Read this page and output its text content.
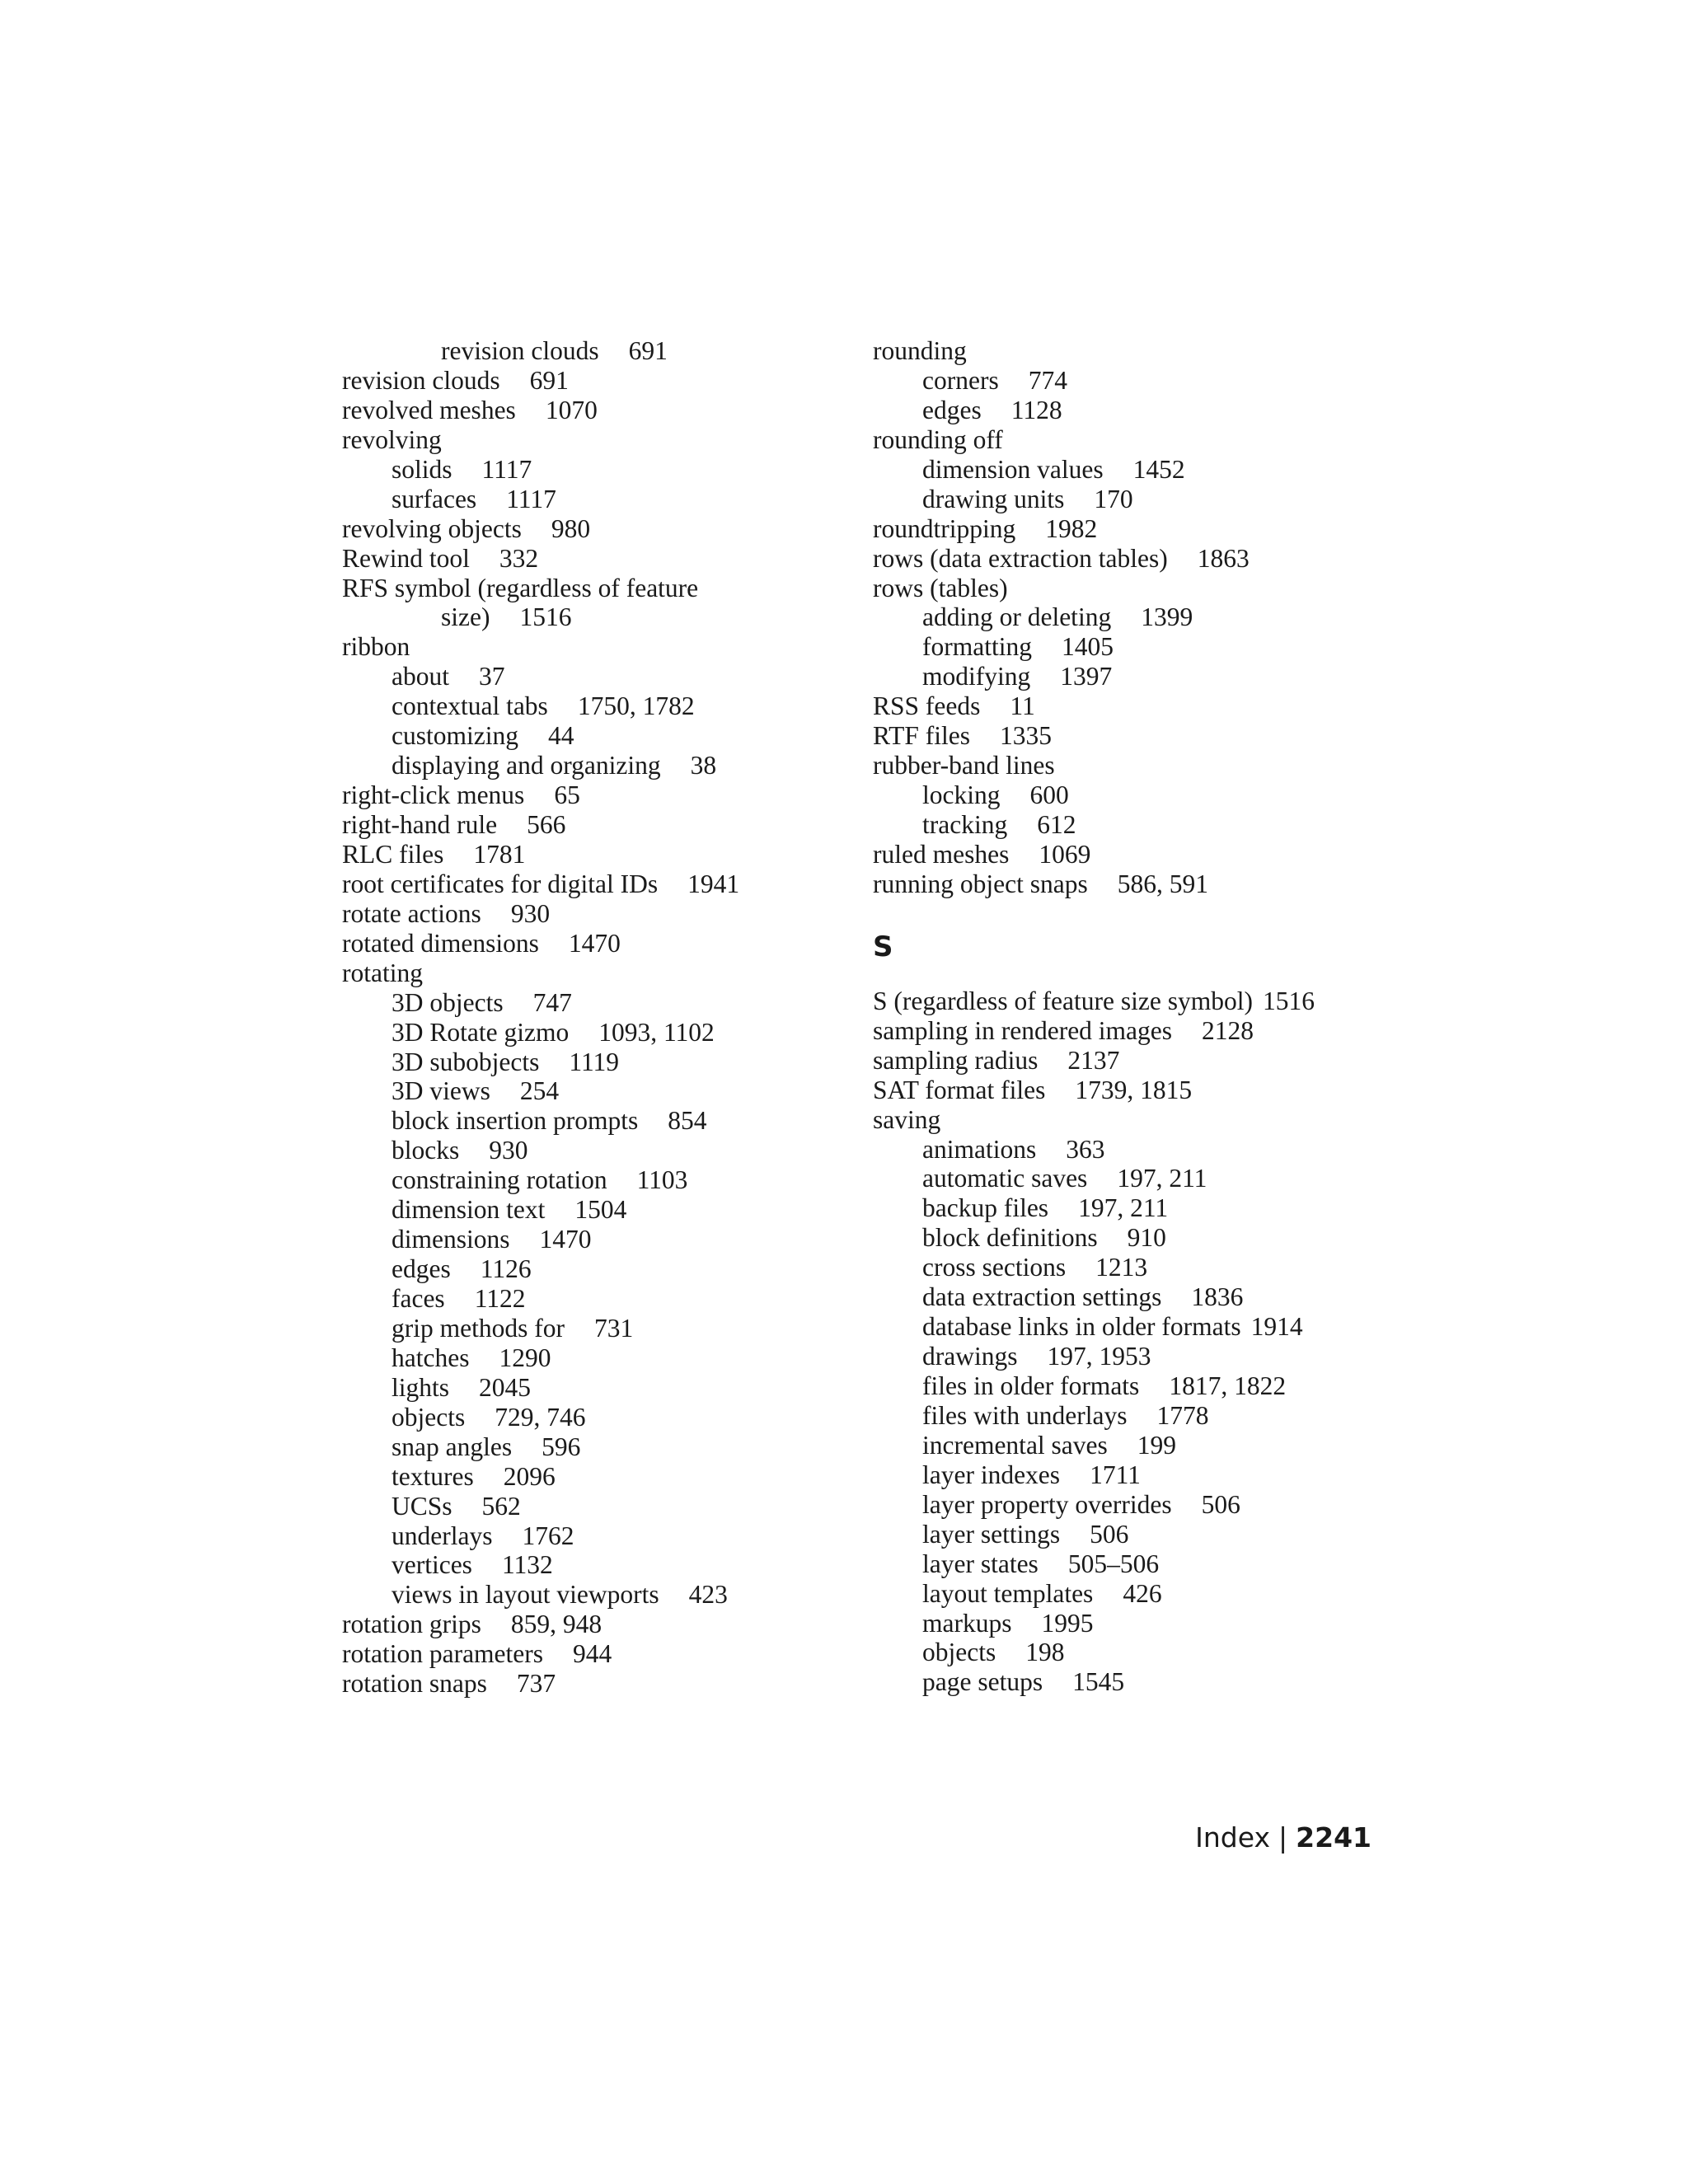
revision clouds 691
revision clouds 691
revolved meshes 1070
revolving
solids 1117
surfaces 1117
revolving objects 980
Rewind tool 332
RFS symbol (regardless of feature
size) 1516
ribbon
about 37
contextual tabs 1750, 1782
customizing 44
displaying and organizing 38
right-click menus 65
right-hand rule 566
RLC files 1781
root certificates for digital IDs 1941
rotate actions 930
rotated dimensions 1470
rotating
3D objects 747
3D Rotate gizmo 1093, 1102
3D subobjects 1119
3D views 254
block insertion prompts 854
blocks 930
constraining rotation 1103
dimension text 1504
dimensions 1470
edges 1126
faces 1122
grip methods for 731
hatches 1290
lights 2045
objects 729, 746
snap angles 596
textures 2096
UCSs 562
underlays 1762
vertices 1132
views in layout viewports 423
rotation grips 859, 948
rotation parameters 944
rotation snaps 737
rounding
corners 774
edges 1128
rounding off
dimension values 1452
drawing units 170
roundtripping 1982
rows (data extraction tables) 1863
rows (tables)
adding or deleting 1399
formatting 1405
modifying 1397
RSS feeds 11
RTF files 1335
rubber-band lines
locking 600
tracking 612
ruled meshes 1069
running object snaps 586, 591
S
S (regardless of feature size symbol) 1516
sampling in rendered images 2128
sampling radius 2137
SAT format files 1739, 1815
saving
animations 363
automatic saves 197, 211
backup files 197, 211
block definitions 910
cross sections 1213
data extraction settings 1836
database links in older formats 1914
drawings 197, 1953
files in older formats 1817, 1822
files with underlays 1778
incremental saves 199
layer indexes 1711
layer property overrides 506
layer settings 506
layer states 505–506
layout templates 426
markups 1995
objects 198
page setups 1545
Index | 2241
